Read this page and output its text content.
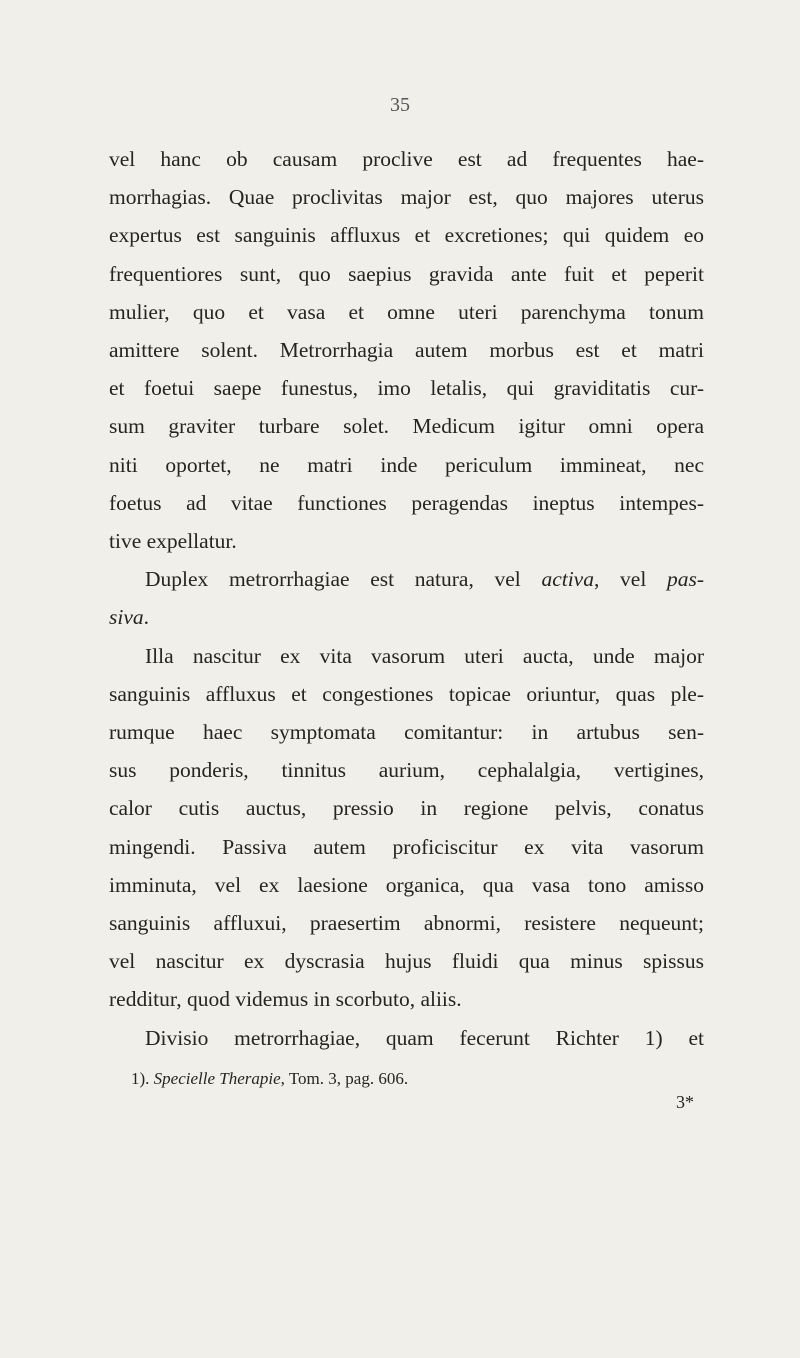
35
vel hanc ob causam proclive est ad frequentes hae-
morrhagias. Quae proclivitas major est, quo majores uterus
expertus est sanguinis affluxus et excretiones; qui quidem eo
frequentiores sunt, quo saepius gravida ante fuit et peperit
mulier, quo et vasa et omne uteri parenchyma tonum
amittere solent. Metrorrhagia autem morbus est et matri
et foetui saepe funestus, imo letalis, qui graviditatis cur-
sum graviter turbare solet. Medicum igitur omni opera
niti oportet, ne matri inde periculum immineat, nec
foetus ad vitae functiones peragendas ineptus intempes-
tive expellatur.
Duplex metrorrhagiae est natura, vel activa, vel pas-
siva.
Illa nascitur ex vita vasorum uteri aucta, unde major
sanguinis affluxus et congestiones topicae oriuntur, quas ple-
rumque haec symptomata comitantur: in artubus sen-
sus ponderis, tinnitus aurium, cephalalgia, vertigines,
calor cutis auctus, pressio in regione pelvis, conatus
mingendi. Passiva autem proficiscitur ex vita vasorum
imminuta, vel ex laesione organica, qua vasa tono amisso
sanguinis affluxui, praesertim abnormi, resistere nequeunt;
vel nascitur ex dyscrasia hujus fluidi qua minus spissus
redditur, quod videmus in scorbuto, aliis.
Divisio metrorrhagiae, quam fecerunt Richter 1) et
1). Specielle Therapie, Tom. 3, pag. 606.
3*
